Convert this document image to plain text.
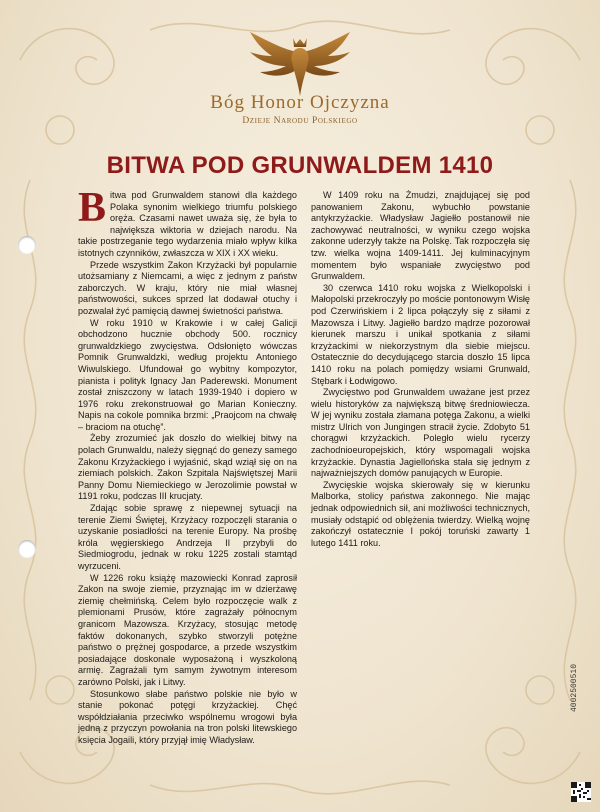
Bóg Honor Ojczyzna
Dzieje Narodu Polskiego
BITWA POD GRUNWALDEM 1410

Bitwa pod Grunwaldem stanowi dla każdego Polaka synonim wielkiego triumfu polskiego oręża. Czasami nawet uważa się, że była to największa wiktoria w dziejach narodu. Na takie postrzeganie tego wydarzenia miało wpływ kilka istotnych czynników, zwłaszcza w XIX i XX wieku.

Przede wszystkim Zakon Krzyżacki był popularnie utożsamiany z Niemcami, a więc z jednym z państw zaborczych. W kraju, który nie miał własnej państwowości, sukces sprzed lat dodawał otuchy i pozwalał żyć pamięcią dawnej świetności państwa.

W roku 1910 w Krakowie i w całej Galicji obchodzono hucznie obchody 500. rocznicy grunwaldzkiego zwycięstwa. Odsłonięto wówczas Pomnik Grunwaldzki, według projektu Antoniego Wiwulskiego. Ufundował go wybitny kompozytor, pianista i polityk Ignacy Jan Paderewski. Monument został zniszczony w latach 1939-1940 i dopiero w 1976 roku zrekonstruował go Marian Konieczny. Napis na cokole pomnika brzmi: „Praojcom na chwałę – braciom na otuchę”.

Żeby zrozumieć jak doszło do wielkiej bitwy na polach Grunwaldu, należy sięgnąć do genezy samego Zakonu Krzyżackiego i wyjaśnić, skąd wziął się on na ziemiach polskich. Zakon Szpitala Najświętszej Marii Panny Domu Niemieckiego w Jerozolimie powstał w 1191 roku, podczas III krucjaty.

Zdając sobie sprawę z niepewnej sytuacji na terenie Ziemi Świętej, Krzyżacy rozpoczęli starania o uzyskanie posiadłości na terenie Europy. Na prośbę króla węgierskiego Andrzeja II przybyli do Siedmiogrodu, jednak w roku 1225 zostali stamtąd wyrzuceni.

W 1226 roku książę mazowiecki Konrad zaprosił Zakon na swoje ziemie, przyznając im w dzierżawę ziemię chełmińską. Celem było rozpoczęcie walk z plemionami Prusów, które zagrażały północnym granicom Mazowsza. Krzyżacy, stosując metodę faktów dokonanych, szybko stworzyli potężne państwo o prężnej gospodarce, a przede wszystkim posiadające doskonale wyposażoną i wyszkoloną armię. Zagrażali tym samym żywotnym interesom zarówno Polski, jak i Litwy.

Stosunkowo słabe państwo polskie nie było w stanie pokonać potęgi krzyżackiej. Chęć współdziałania przeciwko wspólnemu wrogowi była jedną z przyczyn powołania na tron polski litewskiego księcia Jogaili, który przyjął imię Władysław.

W 1409 roku na Żmudzi, znajdującej się pod panowaniem Zakonu, wybuchło powstanie antykrzyżackie. Władysław Jagiełło postanowił nie zachowywać neutralności, w wyniku czego wojska zakonne uderzyły także na Polskę. Tak rozpoczęła się tzw. wielka wojna 1409-1411. Jej kulminacyjnym momentem było wspaniałe zwycięstwo pod Grunwaldem.

30 czerwca 1410 roku wojska z Wielkopolski i Małopolski przekroczyły po moście pontonowym Wisłę pod Czerwińskiem i 2 lipca połączyły się z siłami z Mazowsza i Litwy. Jagiełło bardzo mądrze pozorował kierunek marszu i unikał spotkania z siłami krzyżackimi w niekorzystnym dla siebie miejscu. Ostatecznie do decydującego starcia doszło 15 lipca 1410 roku na polach pomiędzy wsiami Grunwald, Stębark i Łodwigowo.

Zwycięstwo pod Grunwaldem uważane jest przez wielu historyków za największą bitwę średniowiecza. W jej wyniku została złamana potęga Zakonu, a wielki mistrz Ulrich von Jungingen stracił życie. Zdobyto 51 chorągwi krzyżackich. Poległo wielu rycerzy zachodnioeuropejskich, który wspomagali wojska krzyżackie. Dynastia Jagiellońska stała się jednym z najważniejszych domów panujących w Europie.

Zwycięskie wojska skierowały się w kierunku Malborka, stolicy państwa zakonnego. Nie mając jednak odpowiednich sił, ani możliwości technicznych, musiały odstąpić od oblężenia twierdzy. Wielką wojnę zakończył ostatecznie I pokój toruński zawarty 1 lutego 1411 roku.

4002500510
